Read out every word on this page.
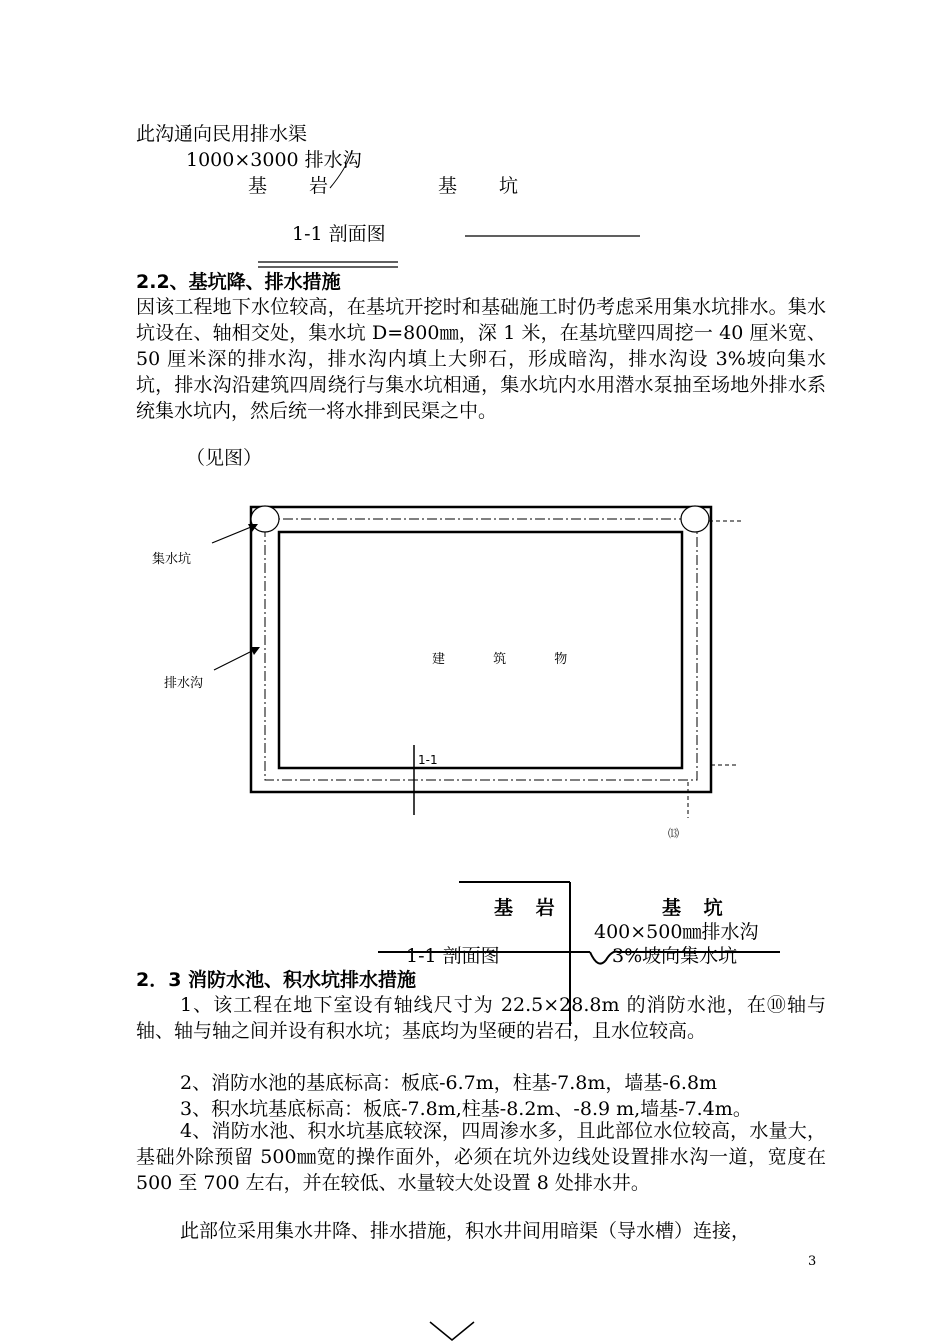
此沟通向民用排水渠
1000×3000 排水沟
基 岩	基 坑
1-1 剖面图
2.2、基坑降、排水措施
因该工程地下水位较高，在基坑开挖时和基础施工时仍考虑采用集水坑排水。集水坑设在、轴相交处，集水坑 D=800㎜，深 1 米，在基坑壁四周挖一 40 厘米宽、50 厘米深的排水沟，排水沟内填上大卵石，形成暗沟，排水沟设 3%坡向集水坑，排水沟沿建筑四周绕行与集水坑相通，集水坑内水用潜水泵抽至场地外排水系统集水坑内，然后统一将水排到民渠之中。
（见图）
集水坑
排水沟
建 筑 物
1-1
⒀
基 岩	基 坑
400×500㎜排水沟
1-1 剖面图	3%坡向集水坑
2．3 消防水池、积水坑排水措施
1、该工程在地下室设有轴线尺寸为 22.5×28.8m 的消防水池，在⑩轴与轴、轴与轴之间并设有积水坑；基底均为坚硬的岩石，且水位较高。
2、消防水池的基底标高：板底-6.7m，柱基-7.8m，墙基-6.8m
3、积水坑基底标高：板底-7.8m,柱基-8.2m、-8.9 m,墙基-7.4m。
4、消防水池、积水坑基底较深，四周渗水多，且此部位水位较高，水量大，基础外除预留 500㎜宽的操作面外，必须在坑外边线处设置排水沟一道，宽度在 500 至 700 左右，并在较低、水量较大处设置 8 处排水井。
此部位采用集水井降、排水措施，积水井间用暗渠（导水槽）连接，
3
